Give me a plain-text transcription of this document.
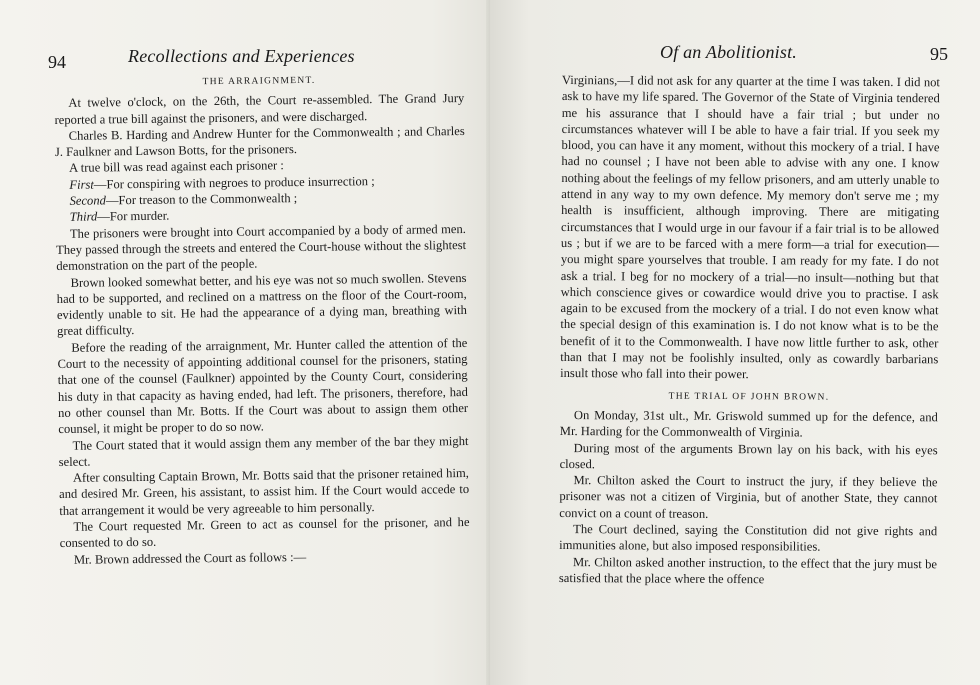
94	Recollections and Experiences
THE ARRAIGNMENT.

At twelve o'clock, on the 26th, the Court re-assembled. The Grand Jury reported a true bill against the prisoners, and were discharged.

Charles B. Harding and Andrew Hunter for the Commonwealth ; and Charles J. Faulkner and Lawson Botts, for the prisoners.

A true bill was read against each prisoner :

First—For conspiring with negroes to produce insurrection ;

Second—For treason to the Commonwealth ;

Third—For murder.

The prisoners were brought into Court accompanied by a body of armed men. They passed through the streets and entered the Court-house without the slightest demonstration on the part of the people.

Brown looked somewhat better, and his eye was not so much swollen. Stevens had to be supported, and reclined on a mattress on the floor of the Court-room, evidently unable to sit. He had the appearance of a dying man, breathing with great difficulty.

Before the reading of the arraignment, Mr. Hunter called the attention of the Court to the necessity of appointing additional counsel for the prisoners, stating that one of the counsel (Faulkner) appointed by the County Court, considering his duty in that capacity as having ended, had left. The prisoners, therefore, had no other counsel than Mr. Botts. If the Court was about to assign them other counsel, it might be proper to do so now.

The Court stated that it would assign them any member of the bar they might select.

After consulting Captain Brown, Mr. Botts said that the prisoner retained him, and desired Mr. Green, his assistant, to assist him. If the Court would accede to that arrangement it would be very agreeable to him personally.

The Court requested Mr. Green to act as counsel for the prisoner, and he consented to do so.

Mr. Brown addressed the Court as follows :—

Of an Abolitionist.	95

Virginians,—I did not ask for any quarter at the time I was taken. I did not ask to have my life spared. The Governor of the State of Virginia tendered me his assurance that I should have a fair trial ; but under no circumstances whatever will I be able to have a fair trial. If you seek my blood, you can have it any moment, without this mockery of a trial. I have had no counsel ; I have not been able to advise with any one. I know nothing about the feelings of my fellow prisoners, and am utterly unable to attend in any way to my own defence. My memory don't serve me ; my health is insufficient, although improving. There are mitigating circumstances that I would urge in our favour if a fair trial is to be allowed us ; but if we are to be farced with a mere form—a trial for execution—you might spare yourselves that trouble. I am ready for my fate. I do not ask a trial. I beg for no mockery of a trial—no insult—nothing but that which conscience gives or cowardice would drive you to practise. I ask again to be excused from the mockery of a trial. I do not even know what the special design of this examination is. I do not know what is to be the benefit of it to the Commonwealth. I have now little further to ask, other than that I may not be foolishly insulted, only as cowardly barbarians insult those who fall into their power.

THE TRIAL OF JOHN BROWN.

On Monday, 31st ult., Mr. Griswold summed up for the defence, and Mr. Harding for the Commonwealth of Virginia.

During most of the arguments Brown lay on his back, with his eyes closed.

Mr. Chilton asked the Court to instruct the jury, if they believe the prisoner was not a citizen of Virginia, but of another State, they cannot convict on a count of treason.

The Court declined, saying the Constitution did not give rights and immunities alone, but also imposed responsibilities.

Mr. Chilton asked another instruction, to the effect that the jury must be satisfied that the place where the offence
